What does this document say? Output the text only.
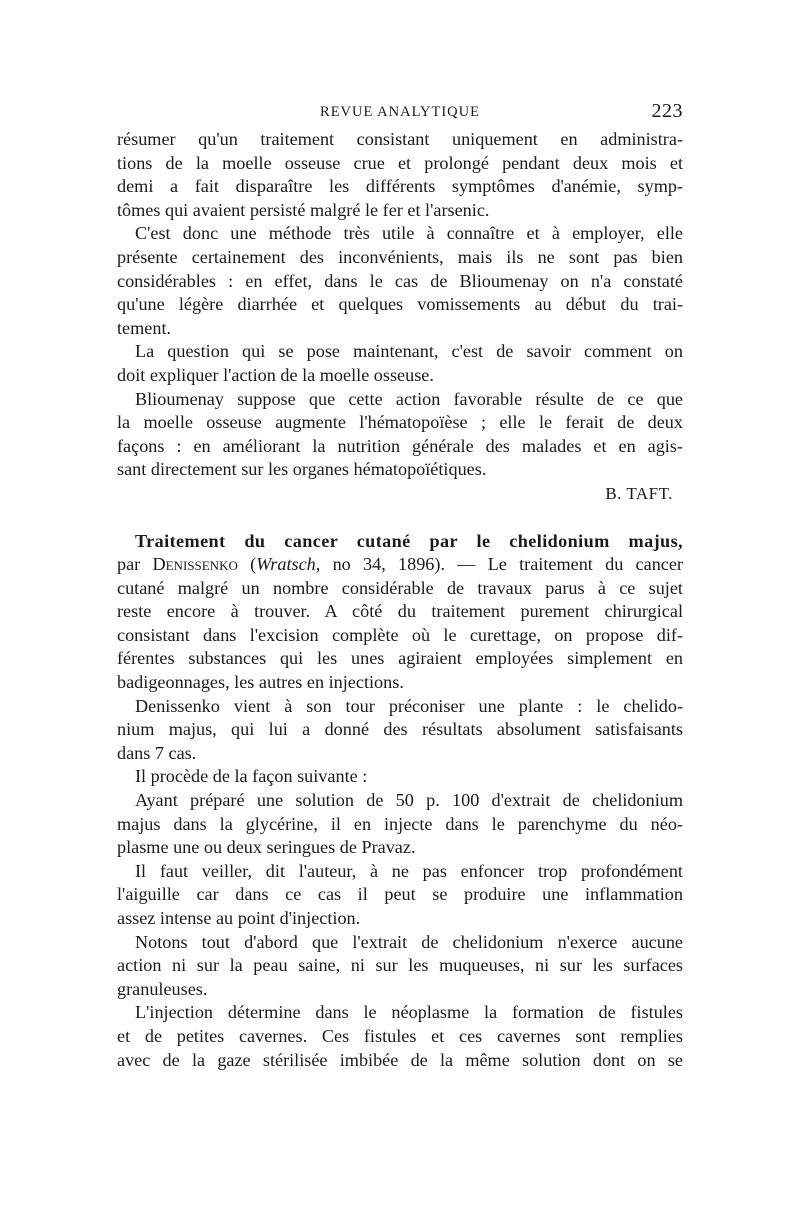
REVUE ANALYTIQUE	223
résumer qu'un traitement consistant uniquement en administra-
tions de la moelle osseuse crue et prolongé pendant deux mois et
demi a fait disparaître les différents symptômes d'anémie, symp-
tômes qui avaient persisté malgré le fer et l'arsenic.
C'est donc une méthode très utile à connaître et à employer, elle
présente certainement des inconvénients, mais ils ne sont pas bien
considérables : en effet, dans le cas de Blioumenay on n'a constaté
qu'une légère diarrhée et quelques vomissements au début du trai-
tement.
La question qui se pose maintenant, c'est de savoir comment on
doit expliquer l'action de la moelle osseuse.
Blioumenay suppose que cette action favorable résulte de ce que
la moelle osseuse augmente l'hématopoïèse ; elle le ferait de deux
façons : en améliorant la nutrition générale des malades et en agis-
sant directement sur les organes hématopoïétiques.
B. TAFT.
Traitement du cancer cutané par le chelidonium majus,
par Denissenko (Wratsch, no 34, 1896). — Le traitement du cancer
cutané malgré un nombre considérable de travaux parus à ce sujet
reste encore à trouver. A côté du traitement purement chirurgical
consistant dans l'excision complète où le curettage, on propose dif-
férentes substances qui les unes agiraient employées simplement en
badigeonnages, les autres en injections.
Denissenko vient à son tour préconiser une plante : le chelido-
nium majus, qui lui a donné des résultats absolument satisfaisants
dans 7 cas.
Il procède de la façon suivante :
Ayant préparé une solution de 50 p. 100 d'extrait de chelidonium
majus dans la glycérine, il en injecte dans le parenchyme du néo-
plasme une ou deux seringues de Pravaz.
Il faut veiller, dit l'auteur, à ne pas enfoncer trop profondément
l'aiguille car dans ce cas il peut se produire une inflammation
assez intense au point d'injection.
Notons tout d'abord que l'extrait de chelidonium n'exerce aucune
action ni sur la peau saine, ni sur les muqueuses, ni sur les surfaces
granuleuses.
L'injection détermine dans le néoplasme la formation de fistules
et de petites cavernes. Ces fistules et ces cavernes sont remplies
avec de la gaze stérilisée imbibée de la même solution dont on se
